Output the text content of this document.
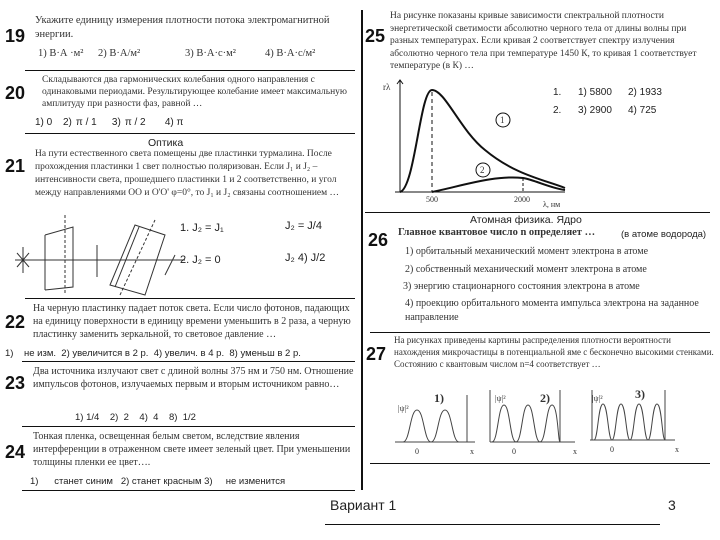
19
Укажите единицу измерения плотности потока электромагнитной энергии.
1) В·А ·м² 2) В·А/м²	3) В·А·с·м²	4) В·А·с/м²
20
Складываются два гармонических колебания одного направления с одинаковыми периодами. Результирующее колебание имеет максимальную амплитуду при разности фаз, равной …
1) 0	2) π / 1	3) π / 2	4) π
Оптика
21
На пути естественного света помещены две пластинки турмалина. После прохождения пластинки 1 свет полностью поляризован. Если J₁ и J₂ – интенсивности света, прошедшего пластинки 1 и 2 соответственно, и угол между направлениями OO и O'O' φ=0°, то J₁ и J₂ связаны соотношением …
1. J₂ = J₁	J₂ = J/4
2. J₂ = 0	J₂ 4) J/2
22
На черную пластинку падает поток света. Если число фотонов, падающих на единицу поверхности в единицу времени уменьшить в 2 раза, а черную пластинку заменить зеркальной, то световое давление …
1)    не изм.  2) увеличится в 2 р.  4) увелич. в 4 р.  8) уменьш в 2 р.
23
Два источника излучают свет с длиной волны 375 нм и 750 нм. Отношение импульсов фотонов, излучаемых первым и вторым источником равно…
1) 1/4    2)  2    4)  4    8)  1/2
24
Тонкая пленка, освещенная белым светом, вследствие явления интерференции в отраженном свете имеет зеленый цвет. При уменьшении толщины пленки ее цвет….
1)      станет синим   2) станет красным 3)     не изменится
25
На рисунке показаны кривые зависимости спектральной плотности энергетической светимости абсолютно черного тела от длины волны при разных температурах. Если кривая 2 соответствует спектру излучения абсолютно черного тела при температуре 1450 К, то кривая 1 соответствует температуре (в К) …
rλ
500	2000
λ, нм
1
2
1. 1) 5800 2) 1933
2. 3) 2900 4) 725
Атомная физика. Ядро
26 Главное квантовое число n определяет …	(в атоме водорода)
1) орбитальный механический момент электрона в атоме
2) собственный механический момент электрона в атоме
3) энергию стационарного состояния электрона в атоме
4) проекцию орбитального момента импульса электрона на заданное направление
27
На рисунках приведены картины распределения плотности вероятности нахождения микрочастицы в потенциальной яме с бесконечно высокими стенками. Состоянию с квантовым числом n=4 соответствует …
1)	2)	3)
|ψ|²
|ψ|²	|ψ|²
0	x	0	x	0	x
Вариант 1	3
